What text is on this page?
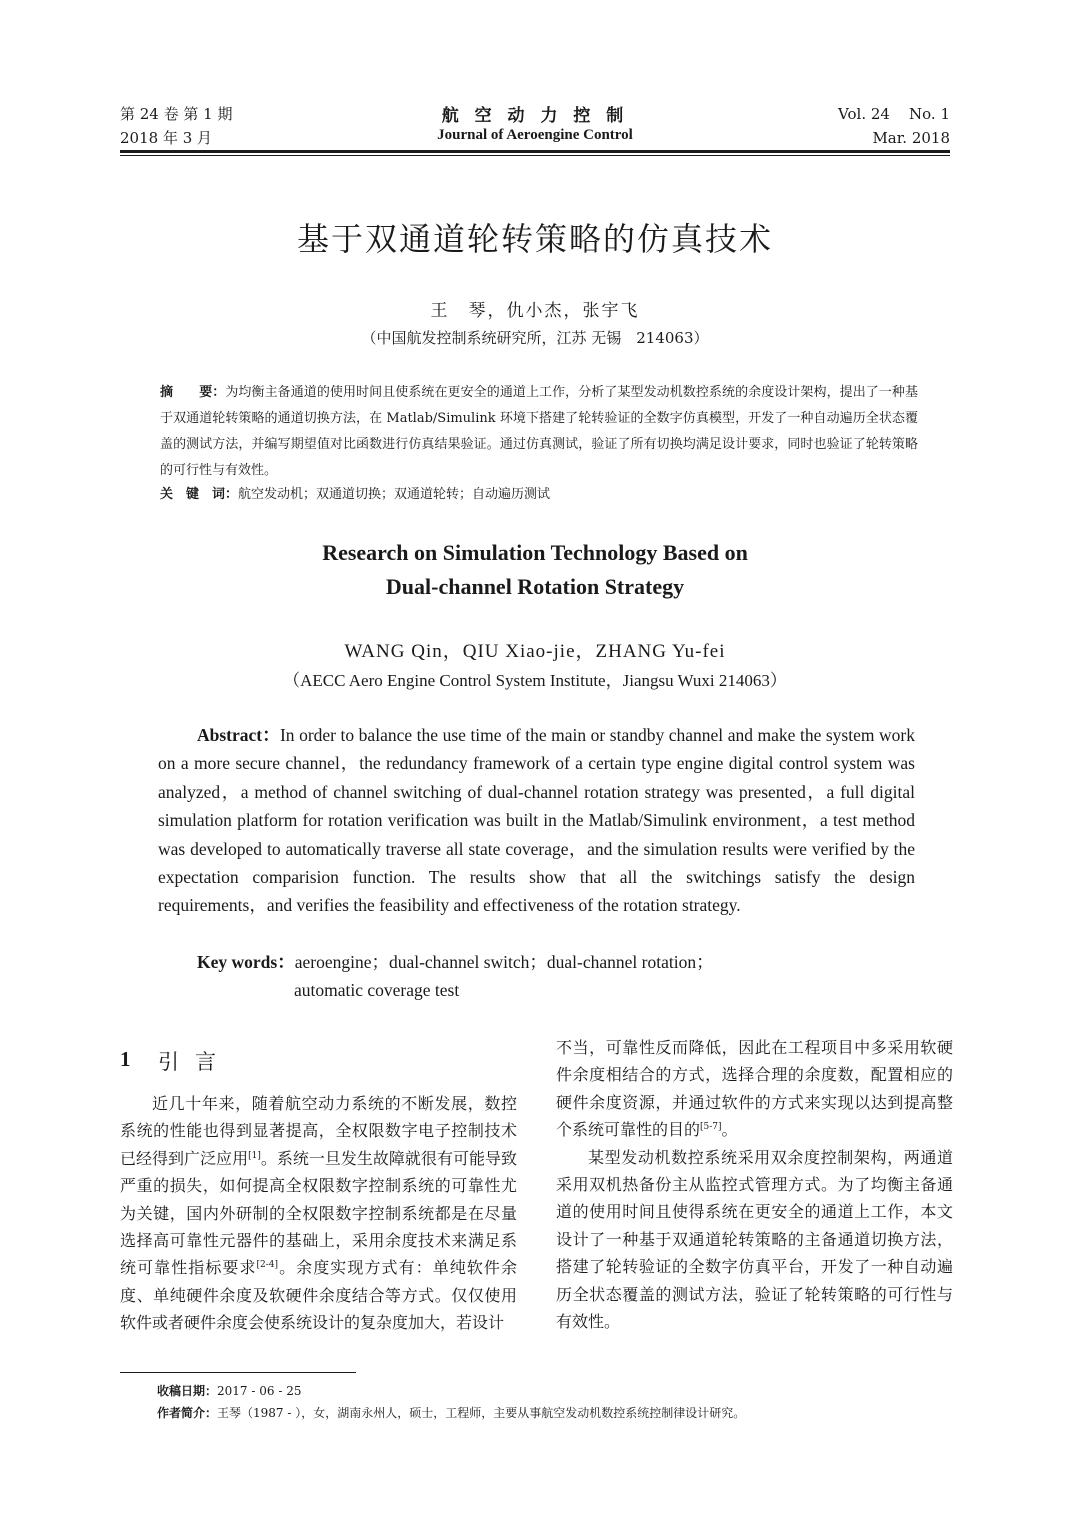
第 24 卷 第 1 期
2018 年 3 月
航 空 动 力 控 制
Journal of Aeroengine Control
Vol. 24    No. 1
Mar. 2018
基于双通道轮转策略的仿真技术
王　琴，仇小杰，张宇飞
（中国航发控制系统研究所，江苏 无锡　214063）
摘　　要：为均衡主备通道的使用时间且使系统在更安全的通道上工作，分析了某型发动机数控系统的余度设计架构，提出了一种基于双通道轮转策略的通道切换方法，在 Matlab/Simulink 环境下搭建了轮转验证的全数字仿真模型，开发了一种自动遍历全状态覆盖的测试方法，并编写期望值对比函数进行仿真结果验证。通过仿真测试，验证了所有切换均满足设计要求，同时也验证了轮转策略的可行性与有效性。
关　键　词：航空发动机；双通道切换；双通道轮转；自动遍历测试
Research on Simulation Technology Based on
Dual-channel Rotation Strategy
WANG Qin，QIU Xiao-jie，ZHANG Yu-fei
（AECC Aero Engine Control System Institute，Jiangsu Wuxi 214063）
Abstract：In order to balance the use time of the main or standby channel and make the system work on a more secure channel，the redundancy framework of a certain type engine digital control system was analyzed，a method of channel switching of dual-channel rotation strategy was presented，a full digital simulation platform for rotation verification was built in the Matlab/Simulink environment，a test method was developed to automatically traverse all state coverage，and the simulation results were verified by the expectation comparision function. The results show that all the switchings satisfy the design requirements，and verifies the feasibility and effectiveness of the rotation strategy.
Key words：aeroengine；dual-channel switch；dual-channel rotation；
automatic coverage test
1 引言

近几十年来，随着航空动力系统的不断发展，数控系统的性能也得到显著提高，全权限数字电子控制技术已经得到广泛应用[1]。系统一旦发生故障就很有可能导致严重的损失，如何提高全权限数字控制系统的可靠性尤为关键，国内外研制的全权限数字控制系统都是在尽量选择高可靠性元器件的基础上，采用余度技术来满足系统可靠性指标要求[2-4]。余度实现方式有：单纯软件余度、单纯硬件余度及软硬件余度结合等方式。仅仅使用软件或者硬件余度会使系统设计的复杂度加大，若设计

不当，可靠性反而降低，因此在工程项目中多采用软硬件余度相结合的方式，选择合理的余度数，配置相应的硬件余度资源，并通过软件的方式来实现以达到提高整个系统可靠性的目的[5-7]。

某型发动机数控系统采用双余度控制架构，两通道采用双机热备份主从监控式管理方式。为了均衡主备通道的使用时间且使得系统在更安全的通道上工作，本文设计了一种基于双通道轮转策略的主备通道切换方法，搭建了轮转验证的全数字仿真平台，开发了一种自动遍历全状态覆盖的测试方法，验证了轮转策略的可行性与有效性。

收稿日期：2017 - 06 - 25
作者简介：王琴（1987 - ），女，湖南永州人，硕士，工程师，主要从事航空发动机数控系统控制律设计研究。
